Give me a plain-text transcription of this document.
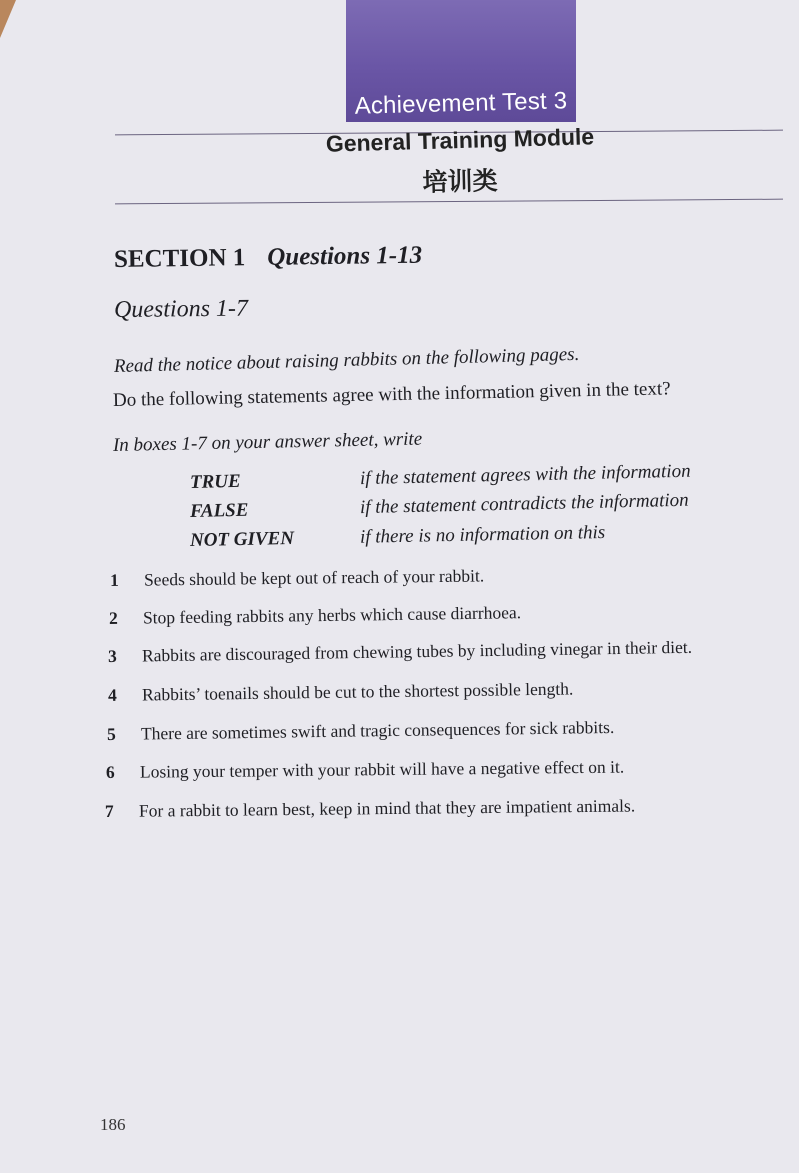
Achievement Test 3
General Training Module
培训类
SECTION 1 Questions 1-13
Questions 1-7
Read the notice about raising rabbits on the following pages.
Do the following statements agree with the information given in the text?
In boxes 1-7 on your answer sheet, write
TRUE	if the statement agrees with the information
FALSE	if the statement contradicts the information
NOT GIVEN	if there is no information on this
1 Seeds should be kept out of reach of your rabbit.
2 Stop feeding rabbits any herbs which cause diarrhoea.
3 Rabbits are discouraged from chewing tubes by including vinegar in their diet.
4 Rabbits’ toenails should be cut to the shortest possible length.
5 There are sometimes swift and tragic consequences for sick rabbits.
6 Losing your temper with your rabbit will have a negative effect on it.
7 For a rabbit to learn best, keep in mind that they are impatient animals.
186
